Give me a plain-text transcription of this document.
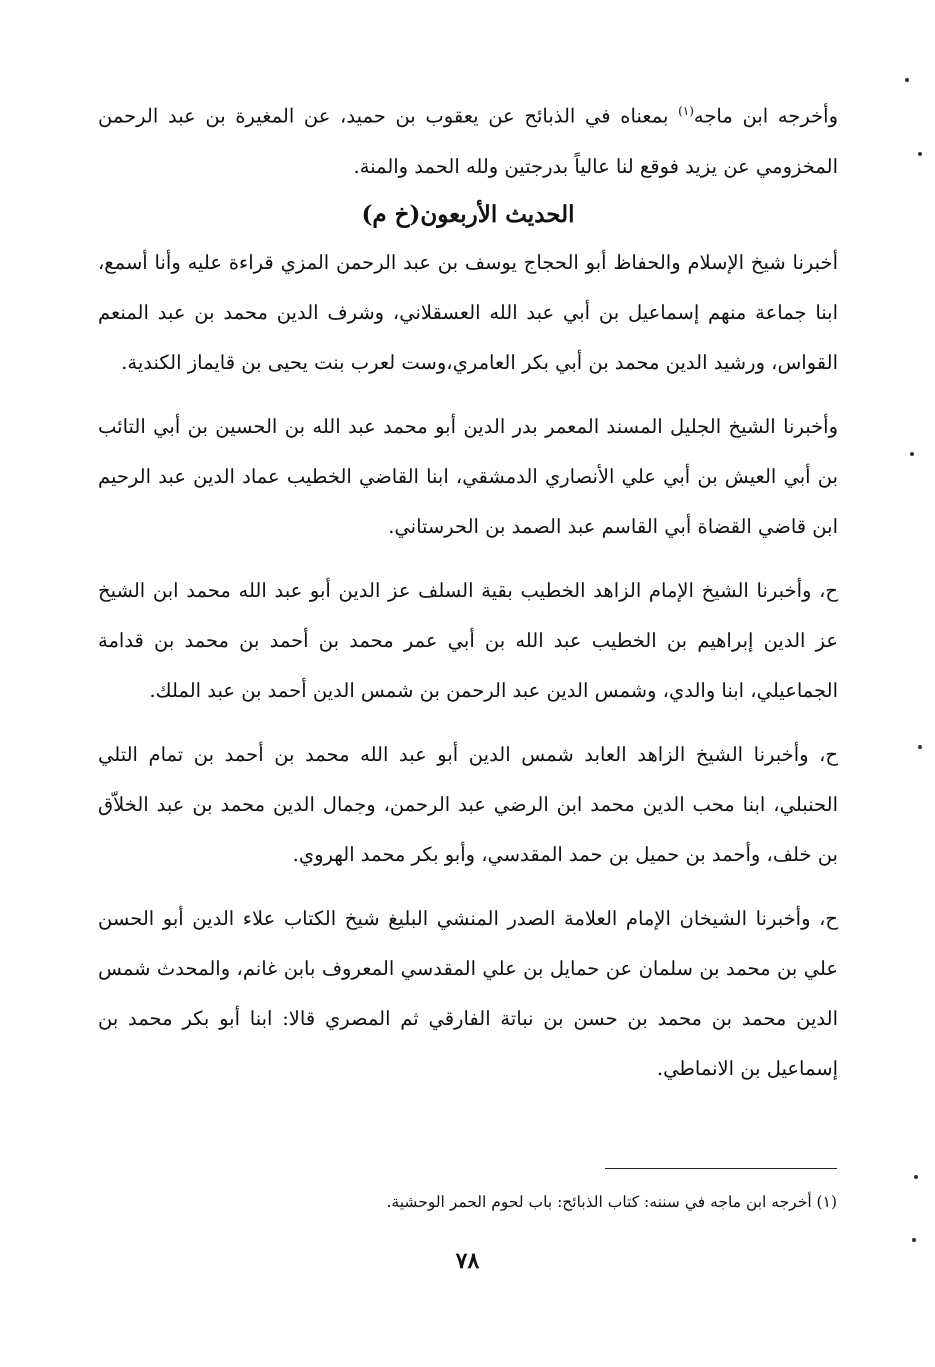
وأخرجه ابن ماجه$^{(١)}$ بمعناه في الذبائح عن يعقوب بن حميد، عن المغيرة بن عبد الرحمن المخزومي عن يزيد فوقع لنا عالياً بدرجتين ولله الحمد والمنة.

الحديث الأربعون(خ م)

أخبرنا شيخ الإسلام والحفاظ أبو الحجاج يوسف بن عبد الرحمن المزي قراءة عليه وأنا أسمع، ابنا جماعة منهم إسماعيل بن أبي عبد الله العسقلاني، وشرف الدين محمد بن عبد المنعم القواس، ورشيد الدين محمد بن أبي بكر العامري،وست لعرب بنت يحيى بن قايماز الكندية.

وأخبرنا الشيخ الجليل المسند المعمر بدر الدين أبو محمد عبد الله بن الحسين بن أبي التائب بن أبي العيش بن أبي علي الأنصاري الدمشقي، ابنا القاضي الخطيب عماد الدين عبد الرحيم ابن قاضي القضاة أبي القاسم عبد الصمد بن الحرستاني.

ح، وأخبرنا الشيخ الإمام الزاهد الخطيب بقية السلف عز الدين أبو عبد الله محمد ابن الشيخ عز الدين إبراهيم بن الخطيب عبد الله بن أبي عمر محمد بن أحمد بن محمد بن قدامة الجماعيلي، ابنا والدي، وشمس الدين عبد الرحمن بن شمس الدين أحمد بن عبد الملك.

ح، وأخبرنا الشيخ الزاهد العابد شمس الدين أبو عبد الله محمد بن أحمد بن تمام التلي الحنبلي، ابنا محب الدين محمد ابن الرضي عبد الرحمن، وجمال الدين محمد بن عبد الخلاّق بن خلف، وأحمد بن حميل بن حمد المقدسي، وأبو بكر محمد الهروي.

ح، وأخبرنا الشيخان الإمام العلامة الصدر المنشي البليغ شيخ الكتاب علاء الدين أبو الحسن علي بن محمد بن سلمان عن حمايل بن علي المقدسي المعروف بابن غانم، والمحدث شمس الدين محمد بن محمد بن حسن بن نباتة الفارقي ثم المصري قالا: ابنا أبو بكر محمد بن إسماعيل بن الانماطي.

(١) أخرجه ابن ماجه في سننه: كتاب الذبائح: باب لحوم الحمر الوحشية.
٧٨
